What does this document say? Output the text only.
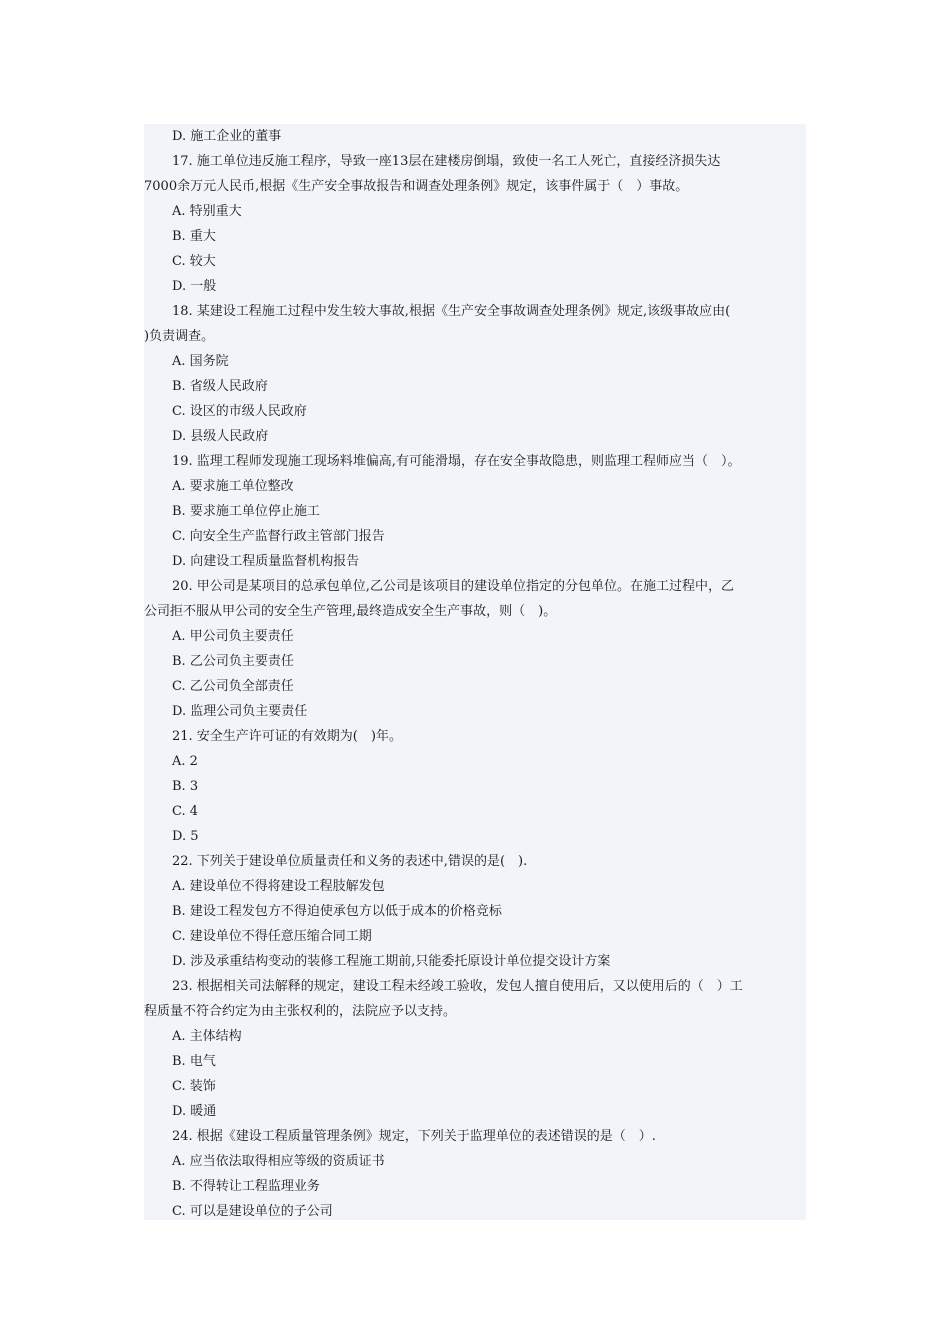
D. 施工企业的董事
17. 施工单位违反施工程序，导致一座13层在建楼房倒塌，致使一名工人死亡，直接经济损失达
7000余万元人民币,根据《生产安全事故报告和调查处理条例》规定，该事件属于（　）事故。
A. 特别重大
B. 重大
C. 较大
D. 一般
18. 某建设工程施工过程中发生较大事故,根据《生产安全事故调查处理条例》规定,该级事故应由(
)负责调查。
A. 国务院
B. 省级人民政府
C. 设区的市级人民政府
D. 县级人民政府
19. 监理工程师发现施工现场料堆偏高,有可能滑塌，存在安全事故隐患，则监理工程师应当（　）。
A. 要求施工单位整改
B. 要求施工单位停止施工
C. 向安全生产监督行政主管部门报告
D. 向建设工程质量监督机构报告
20. 甲公司是某项目的总承包单位,乙公司是该项目的建设单位指定的分包单位。在施工过程中，乙
公司拒不服从甲公司的安全生产管理,最终造成安全生产事故，则（　)。
A. 甲公司负主要责任
B. 乙公司负主要责任
C. 乙公司负全部责任
D. 监理公司负主要责任
21. 安全生产许可证的有效期为(　)年。
A. 2
B. 3
C. 4
D. 5
22. 下列关于建设单位质量责任和义务的表述中,错误的是(　).
A. 建设单位不得将建设工程肢解发包
B. 建设工程发包方不得迫使承包方以低于成本的价格竞标
C. 建设单位不得任意压缩合同工期
D. 涉及承重结构变动的装修工程施工期前,只能委托原设计单位提交设计方案
23. 根据相关司法解释的规定，建设工程未经竣工验收，发包人擅自使用后，又以使用后的（　）工
程质量不符合约定为由主张权利的，法院应予以支持。
A. 主体结构
B. 电气
C. 装饰
D. 暖通
24. 根据《建设工程质量管理条例》规定，下列关于监理单位的表述错误的是（　）.
A. 应当依法取得相应等级的资质证书
B. 不得转让工程监理业务
C. 可以是建设单位的子公司
